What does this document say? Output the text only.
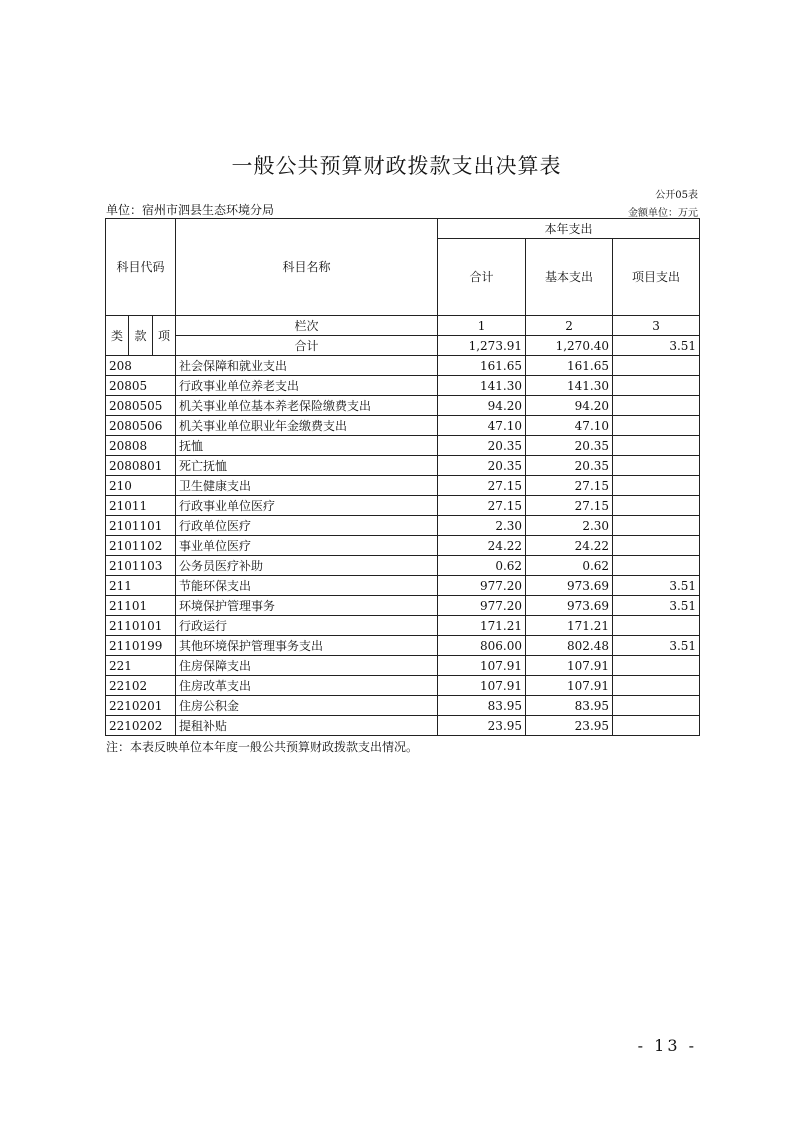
一般公共预算财政拨款支出决算表
公开05表
单位：宿州市泗县生态环境分局	金额单位：万元
科目代码			科目名称	本年支出		
				合计	基本支出	项目支出
类	款	项	栏次	1	2	3
			合计	1,273.91	1,270.40	3.51
208			社会保障和就业支出	161.65	161.65	
20805			行政事业单位养老支出	141.30	141.30	
2080505			机关事业单位基本养老保险缴费支出	94.20	94.20	
2080506			机关事业单位职业年金缴费支出	47.10	47.10	
20808			抚恤	20.35	20.35	
2080801			死亡抚恤	20.35	20.35	
210			卫生健康支出	27.15	27.15	
21011			行政事业单位医疗	27.15	27.15	
2101101			行政单位医疗	2.30	2.30	
2101102			事业单位医疗	24.22	24.22	
2101103			公务员医疗补助	0.62	0.62	
211			节能环保支出	977.20	973.69	3.51
21101			环境保护管理事务	977.20	973.69	3.51
2110101			行政运行	171.21	171.21	
2110199			其他环境保护管理事务支出	806.00	802.48	3.51
221			住房保障支出	107.91	107.91	
22102			住房改革支出	107.91	107.91	
2210201			住房公积金	83.95	83.95	
2210202			提租补贴	23.95	23.95	
注：本表反映单位本年度一般公共预算财政拨款支出情况。
- 13 -
